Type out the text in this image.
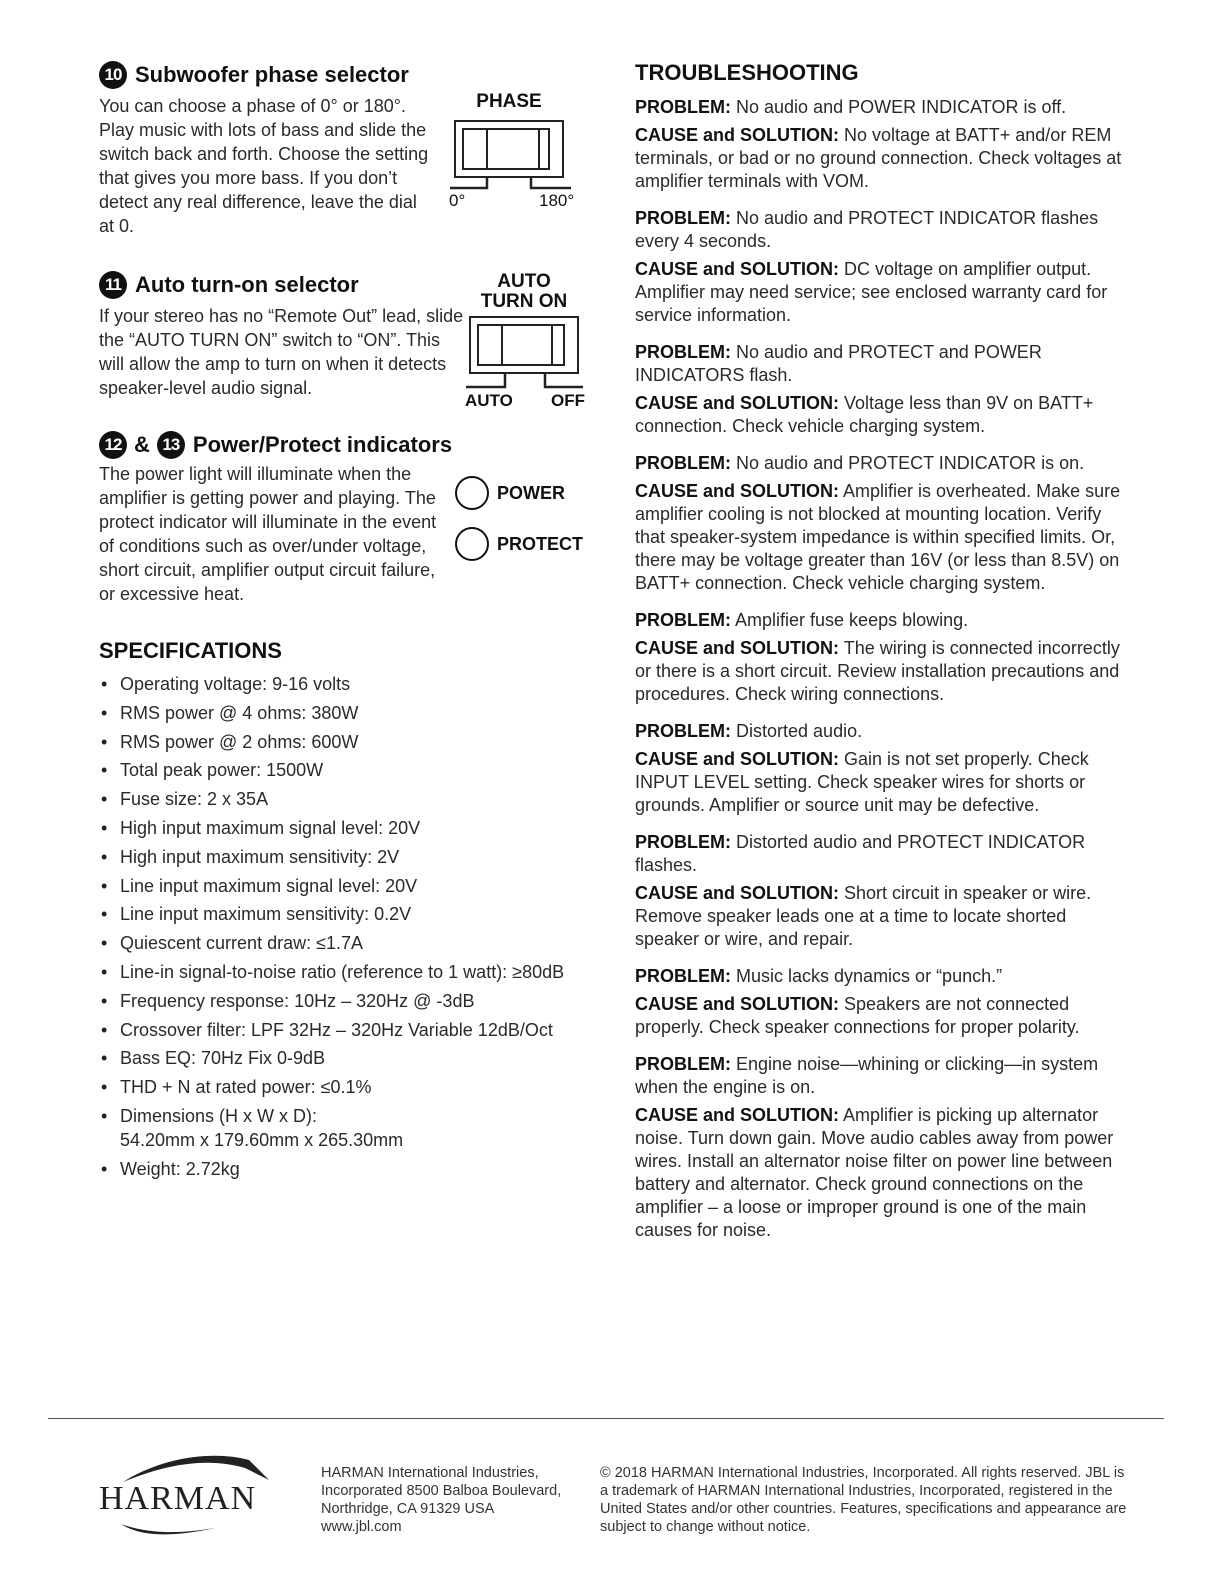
10 Subwoofer phase selector

You can choose a phase of 0° or 180°. Play music with lots of bass and slide the switch back and forth. Choose the setting that gives you more bass. If you don’t detect any real difference, leave the dial at 0.

PHASE
0°	180°
11 Auto turn-on selector

If your stereo has no “Remote Out” lead, slide the “AUTO TURN ON” switch to “ON”. This will allow the amp to turn on when it detects speaker-level audio signal.

AUTO
TURN ON
AUTO OFF
12 & 13 Power/Protect indicators

The power light will illuminate when the amplifier is getting power and playing. The protect indicator will illuminate in the event of conditions such as over/under voltage, short circuit, amplifier output circuit failure, or excessive heat.

POWER
PROTECT
SPECIFICATIONS
• Operating voltage: 9-16 volts
• RMS power @ 4 ohms: 380W
• RMS power @ 2 ohms: 600W
• Total peak power: 1500W
• Fuse size: 2 x 35A
• High input maximum signal level: 20V
• High input maximum sensitivity: 2V
• Line input maximum signal level: 20V
• Line input maximum sensitivity: 0.2V
• Quiescent current draw: ≤1.7A
• Line-in signal-to-noise ratio (reference to 1 watt): ≥80dB
• Frequency response: 10Hz – 320Hz @ -3dB
• Crossover filter: LPF 32Hz – 320Hz Variable 12dB/Oct
• Bass EQ: 70Hz Fix 0-9dB
• THD + N at rated power: ≤0.1%
• Dimensions (H x W x D):
54.20mm x 179.60mm x 265.30mm
• Weight: 2.72kg
TROUBLESHOOTING

PROBLEM: No audio and POWER INDICATOR is off.

CAUSE and SOLUTION: No voltage at BATT+ and/or REM terminals, or bad or no ground connection. Check voltages at amplifier terminals with VOM.

PROBLEM: No audio and PROTECT INDICATOR flashes every 4 seconds.

CAUSE and SOLUTION: DC voltage on amplifier output. Amplifier may need service; see enclosed warranty card for service information.

PROBLEM: No audio and PROTECT and POWER INDICATORS flash.

CAUSE and SOLUTION: Voltage less than 9V on BATT+ connection. Check vehicle charging system.

PROBLEM: No audio and PROTECT INDICATOR is on.

CAUSE and SOLUTION: Amplifier is overheated. Make sure amplifier cooling is not blocked at mounting location. Verify that speaker-system impedance is within specified limits. Or, there may be voltage greater than 16V (or less than 8.5V) on BATT+ connection. Check vehicle charging system.

PROBLEM: Amplifier fuse keeps blowing.

CAUSE and SOLUTION: The wiring is connected incorrectly or there is a short circuit. Review installation precautions and procedures. Check wiring connections.

PROBLEM: Distorted audio.

CAUSE and SOLUTION: Gain is not set properly. Check INPUT LEVEL setting. Check speaker wires for shorts or grounds. Amplifier or source unit may be defective.

PROBLEM: Distorted audio and PROTECT INDICATOR flashes.

CAUSE and SOLUTION: Short circuit in speaker or wire. Remove speaker leads one at a time to locate shorted speaker or wire, and repair.

PROBLEM: Music lacks dynamics or “punch.”

CAUSE and SOLUTION: Speakers are not connected properly. Check speaker connections for proper polarity.

PROBLEM: Engine noise—whining or clicking—in system when the engine is on.

CAUSE and SOLUTION: Amplifier is picking up alternator noise. Turn down gain. Move audio cables away from power wires. Install an alternator noise filter on power line between battery and alternator. Check ground connections on the amplifier – a loose or improper ground is one of the main causes for noise.

HARMAN
HARMAN International Industries,
Incorporated 8500 Balboa Boulevard,
Northridge, CA 91329 USA
www.jbl.com
© 2018 HARMAN International Industries, Incorporated. All rights reserved. JBL is a trademark of HARMAN International Industries, Incorporated, registered in the United States and/or other countries. Features, specifications and appearance are subject to change without notice.
